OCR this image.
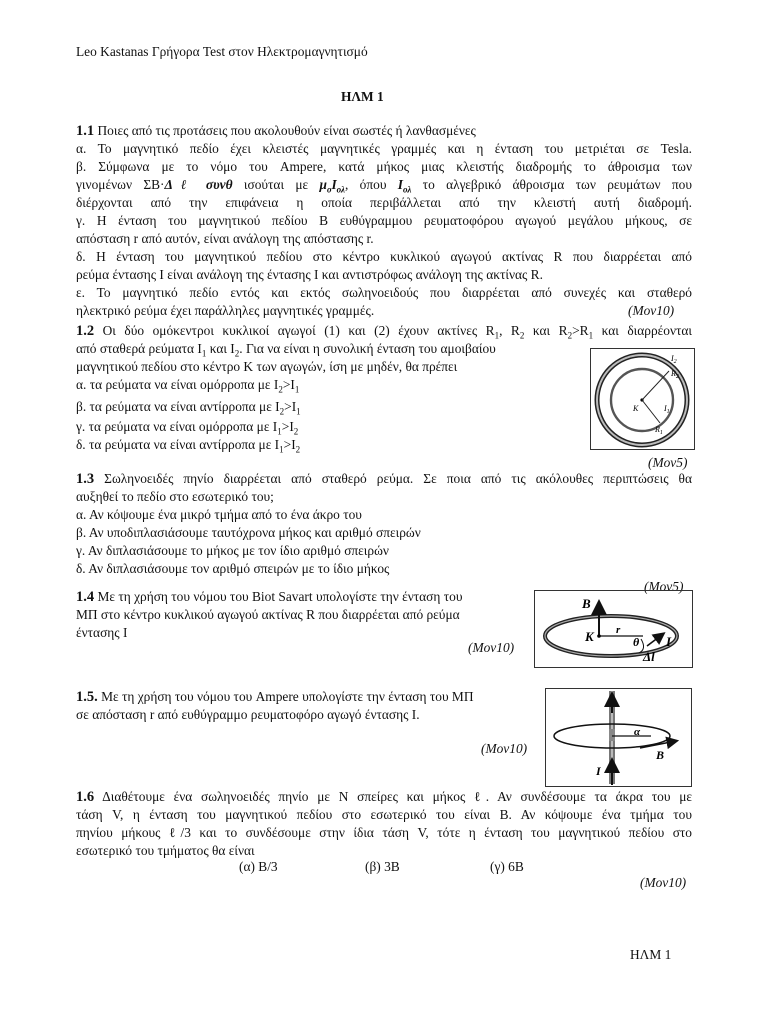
Leo Kastanas Γρήγορα Test στον Ηλεκτρομαγνητισμό
ΗΛΜ 1
1.1 Ποιες από τις προτάσεις που ακολουθούν είναι σωστές ή λανθασμένες
α. Το μαγνητικό πεδίο έχει κλειστές μαγνητικές γραμμές και η ένταση του μετριέται σε Tesla.
β. Σύμφωνα με το νόμο του Ampere, κατά μήκος μιας κλειστής διαδρομής το άθροισμα των
γινομένων ΣΒ·Δℓ συνθ ισούται με $\mu_oI_{o\lambda}$, όπου $I_{o\lambda}$ το αλγεβρικό άθροισμα των ρευμάτων που
διέρχονται από την επιφάνεια η οποία περιβάλλεται από την κλειστή αυτή διαδρομή.
γ. Η ένταση του μαγνητικού πεδίου Β ευθύγραμμου ρευματοφόρου αγωγού μεγάλου μήκους, σε
απόσταση r από αυτόν, είναι ανάλογη της απόστασης r.
δ. Η ένταση του μαγνητικού πεδίου στο κέντρο κυκλικού αγωγού ακτίνας R που διαρρέεται από
ρεύμα έντασης Ι είναι ανάλογη της έντασης Ι και αντιστρόφως ανάλογη της ακτίνας R.
ε. Το μαγνητικό πεδίο εντός και εκτός σωληνοειδούς που διαρρέεται από συνεχές και σταθερό
ηλεκτρικό ρεύμα έχει παράλληλες μαγνητικές γραμμές.	(Μον10)
1.2 Οι δύο ομόκεντροι κυκλικοί αγωγοί (1) και (2) έχουν ακτίνες $R_1$, $R_2$ και $R_2>R_1$ και διαρρέονται
από σταθερά ρεύματα $I_1$ και $I_2$. Για να είναι η συνολική ένταση του αμοιβαίου
μαγνητικού πεδίου στο κέντρο Κ των αγωγών, ίση με μηδέν, θα πρέπει
α. τα ρεύματα να είναι ομόρροπα με $I_2>I_1$
β. τα ρεύματα να είναι αντίρροπα με $I_2>I_1$
γ. τα ρεύματα να είναι ομόρροπα με $I_1>I_2$
δ. τα ρεύματα να είναι αντίρροπα με $I_1>I_2$
(Μον5)
$I_2$
$R_2$
K	$I_1$
$R_1$
1.3 Σωληνοειδές πηνίο διαρρέεται από σταθερό ρεύμα. Σε ποια από τις ακόλουθες περιπτώσεις θα
αυξηθεί το πεδίο στο εσωτερικό του;
α. Αν κόψουμε ένα μικρό τμήμα από το ένα άκρο του
β. Αν υποδιπλασιάσουμε ταυτόχρονα μήκος και αριθμό σπειρών
γ. Αν διπλασιάσουμε το μήκος με τον ίδιο αριθμό σπειρών
δ. Αν διπλασιάσουμε τον αριθμό σπειρών με το ίδιο μήκος
(Μον5)
1.4 Με τη χρήση του νόμου του Biot Savart υπολογίστε την ένταση του
ΜΠ στο κέντρο κυκλικού αγωγού ακτίνας R που διαρρέεται από ρεύμα
έντασης Ι
(Μον10)
B
K r
θ I
Δl
1.5. Με τη χρήση του νόμου του Ampere υπολογίστε την ένταση του ΜΠ
σε απόσταση r από ευθύγραμμο ρευματοφόρο αγωγό έντασης Ι.
(Μον10)
α
B
I
1.6 Διαθέτουμε ένα σωληνοειδές πηνίο με Ν σπείρες και μήκος ℓ. Αν συνδέσουμε τα άκρα του με
τάση V, η ένταση του μαγνητικού πεδίου στο εσωτερικό του είναι Β. Αν κόψουμε ένα τμήμα του
πηνίου μήκους ℓ/3 και το συνδέσουμε στην ίδια τάση V, τότε η ένταση του μαγνητικού πεδίου στο
εσωτερικό του τμήματος θα είναι
(α) Β/3	(β) 3Β	(γ) 6Β
(Μον10)
ΗΛΜ 1
